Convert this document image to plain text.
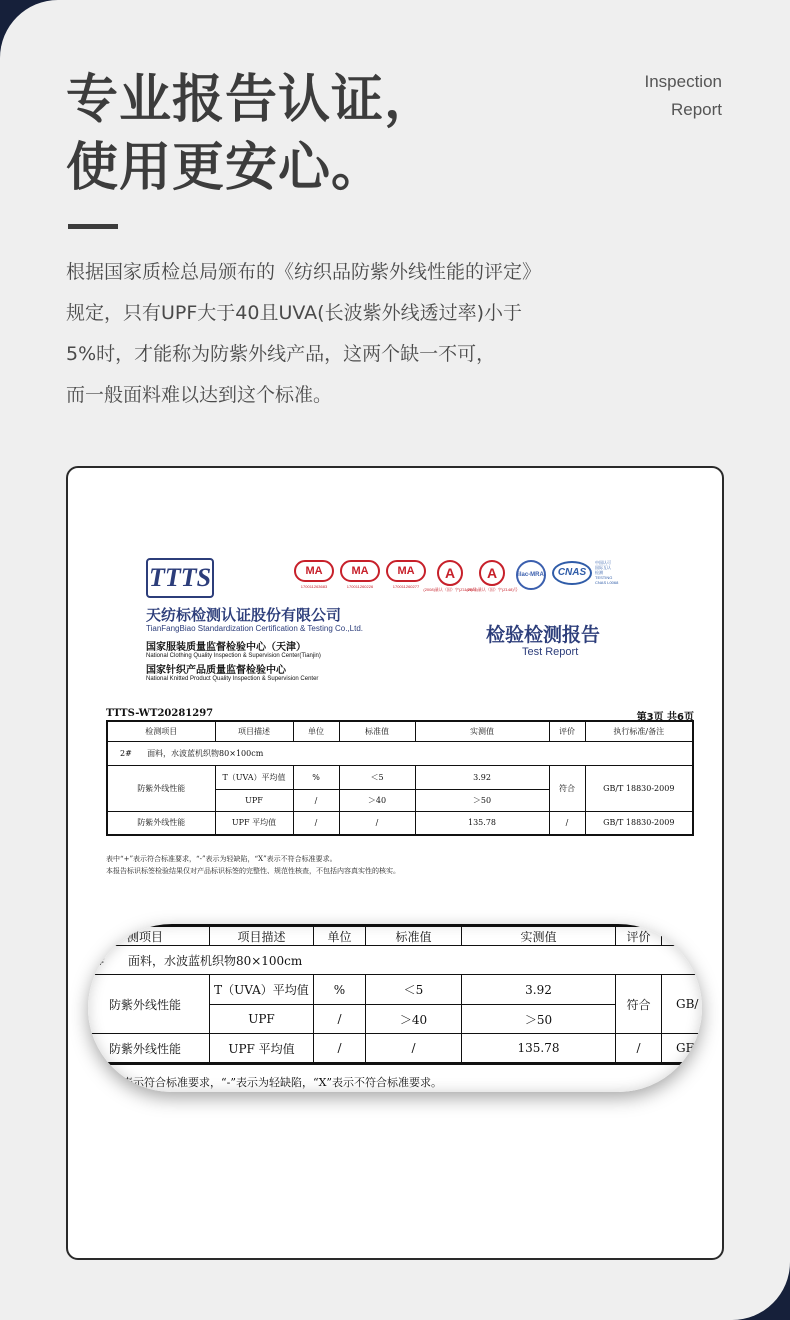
专业报告认证，
使用更安心。
Inspection
Report
根据国家质检总局颁布的《纺织品防紫外线性能的评定》
规定，只有UPF大于40且UVA(长波紫外线透过率)小于
5%时，才能称为防紫外线产品，这两个缺一不可，
而一般面料难以达到这个标准。
TTTS	MA
170011263683
MA
170011260226
MA
170011260277
A
(2008)量认（国）字(Z1149)号
A
(2008)量认（国）字(Z148)号
ilac-MRA	CNAS
中国认可
国际互认
检测
TESTING
CNAS L0068
天纺标检测认证股份有限公司
TianFangBiao Standardization Certification & Testing Co.,Ltd.
国家服装质量监督检验中心（天津）
National Clothing Quality Inspection & Supervision Center(Tianjin)
国家针织产品质量监督检验中心
National Knitted Product Quality Inspection & Supervision Center
检验检测报告
Test Report
TTTS-WT20281297	第3页 共6页
检测项目	项目描述	单位	标准值	实测值	评价	执行标准/备注
2# 面料，水波蓝机织物80×100cm						
防紫外线性能	T（UVA）平均值	%	＜5	3.92	符合	GB/T 18830-2009
	UPF	/	＞40	＞50		
防紫外线性能	UPF 平均值	/	/	135.78	/	GB/T 18830-2009
表中“+”表示符合标准要求，“-”表示为轻缺陷，“X”表示不符合标准要求。
本报告标识标签检验结果仅对产品标识标签的完整性、规范性核查，不包括内容真实性的核实。
测项目	项目描述	单位	标准值	实测值	评价	
# 面料，水波蓝机织物80×100cm						
防紫外线性能	T（UVA）平均值	%	＜5	3.92	符合	GB/
	UPF	/	＞40	＞50		
防紫外线性能	UPF 平均值	/	/	135.78	/	GF
表示符合标准要求，“-”表示为轻缺陷，“X”表示不符合标准要求。
